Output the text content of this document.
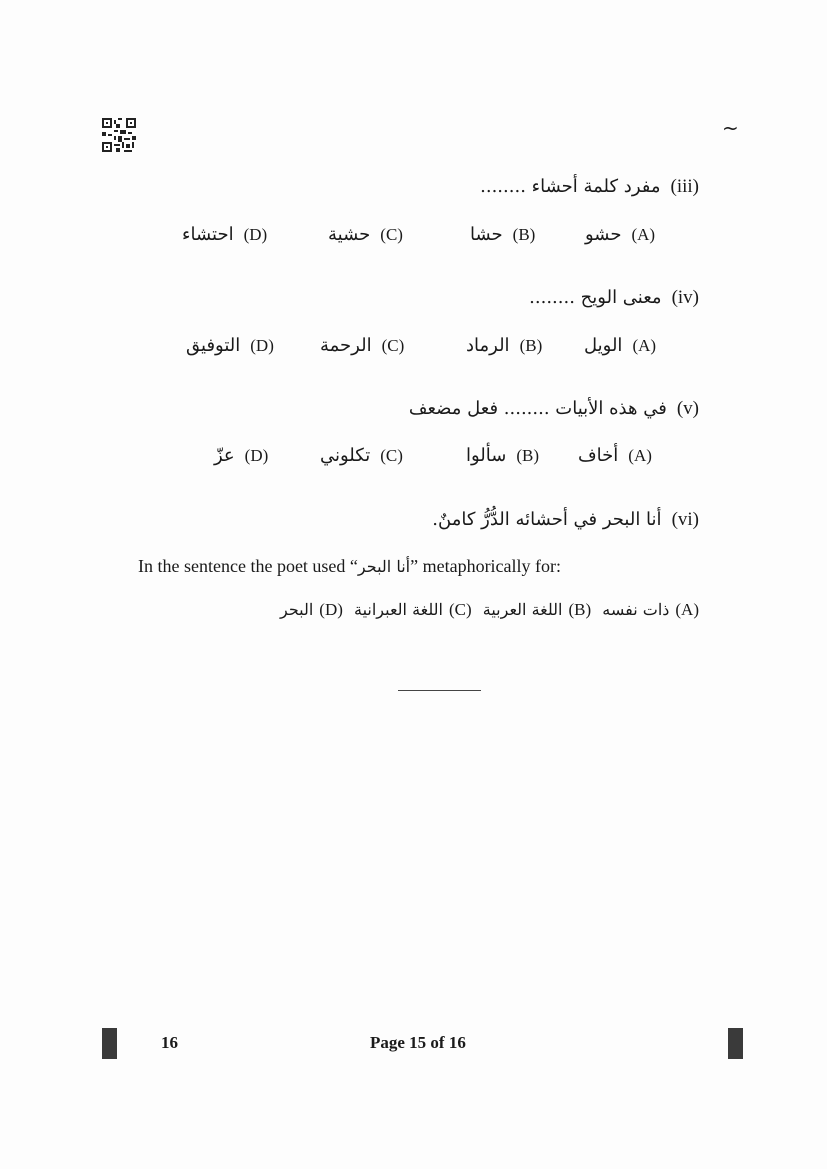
~
(iii)مفرد كلمة أحشاء ........
احتشاء (D)	حشية (C)	حشا (B)	حشو (A)
(iv)معنى الويح ........
التوفيق (D)	الرحمة (C)	الرماد (B) الويل (A)
(v)في هذه الأبيات ........ فعل مضعف
عزّ (D)	تكلوني (C)	سألوا (B) أخاف (A)
(vi)أنا البحر في أحشائه الدُّرُّ كامنٌ.
In the sentence the poet used “أنا البحر” metaphorically for:
البحر (D) اللغة العبرانية (C) اللغة العربية (B) ذات نفسه (A)
16	Page 15 of 16
